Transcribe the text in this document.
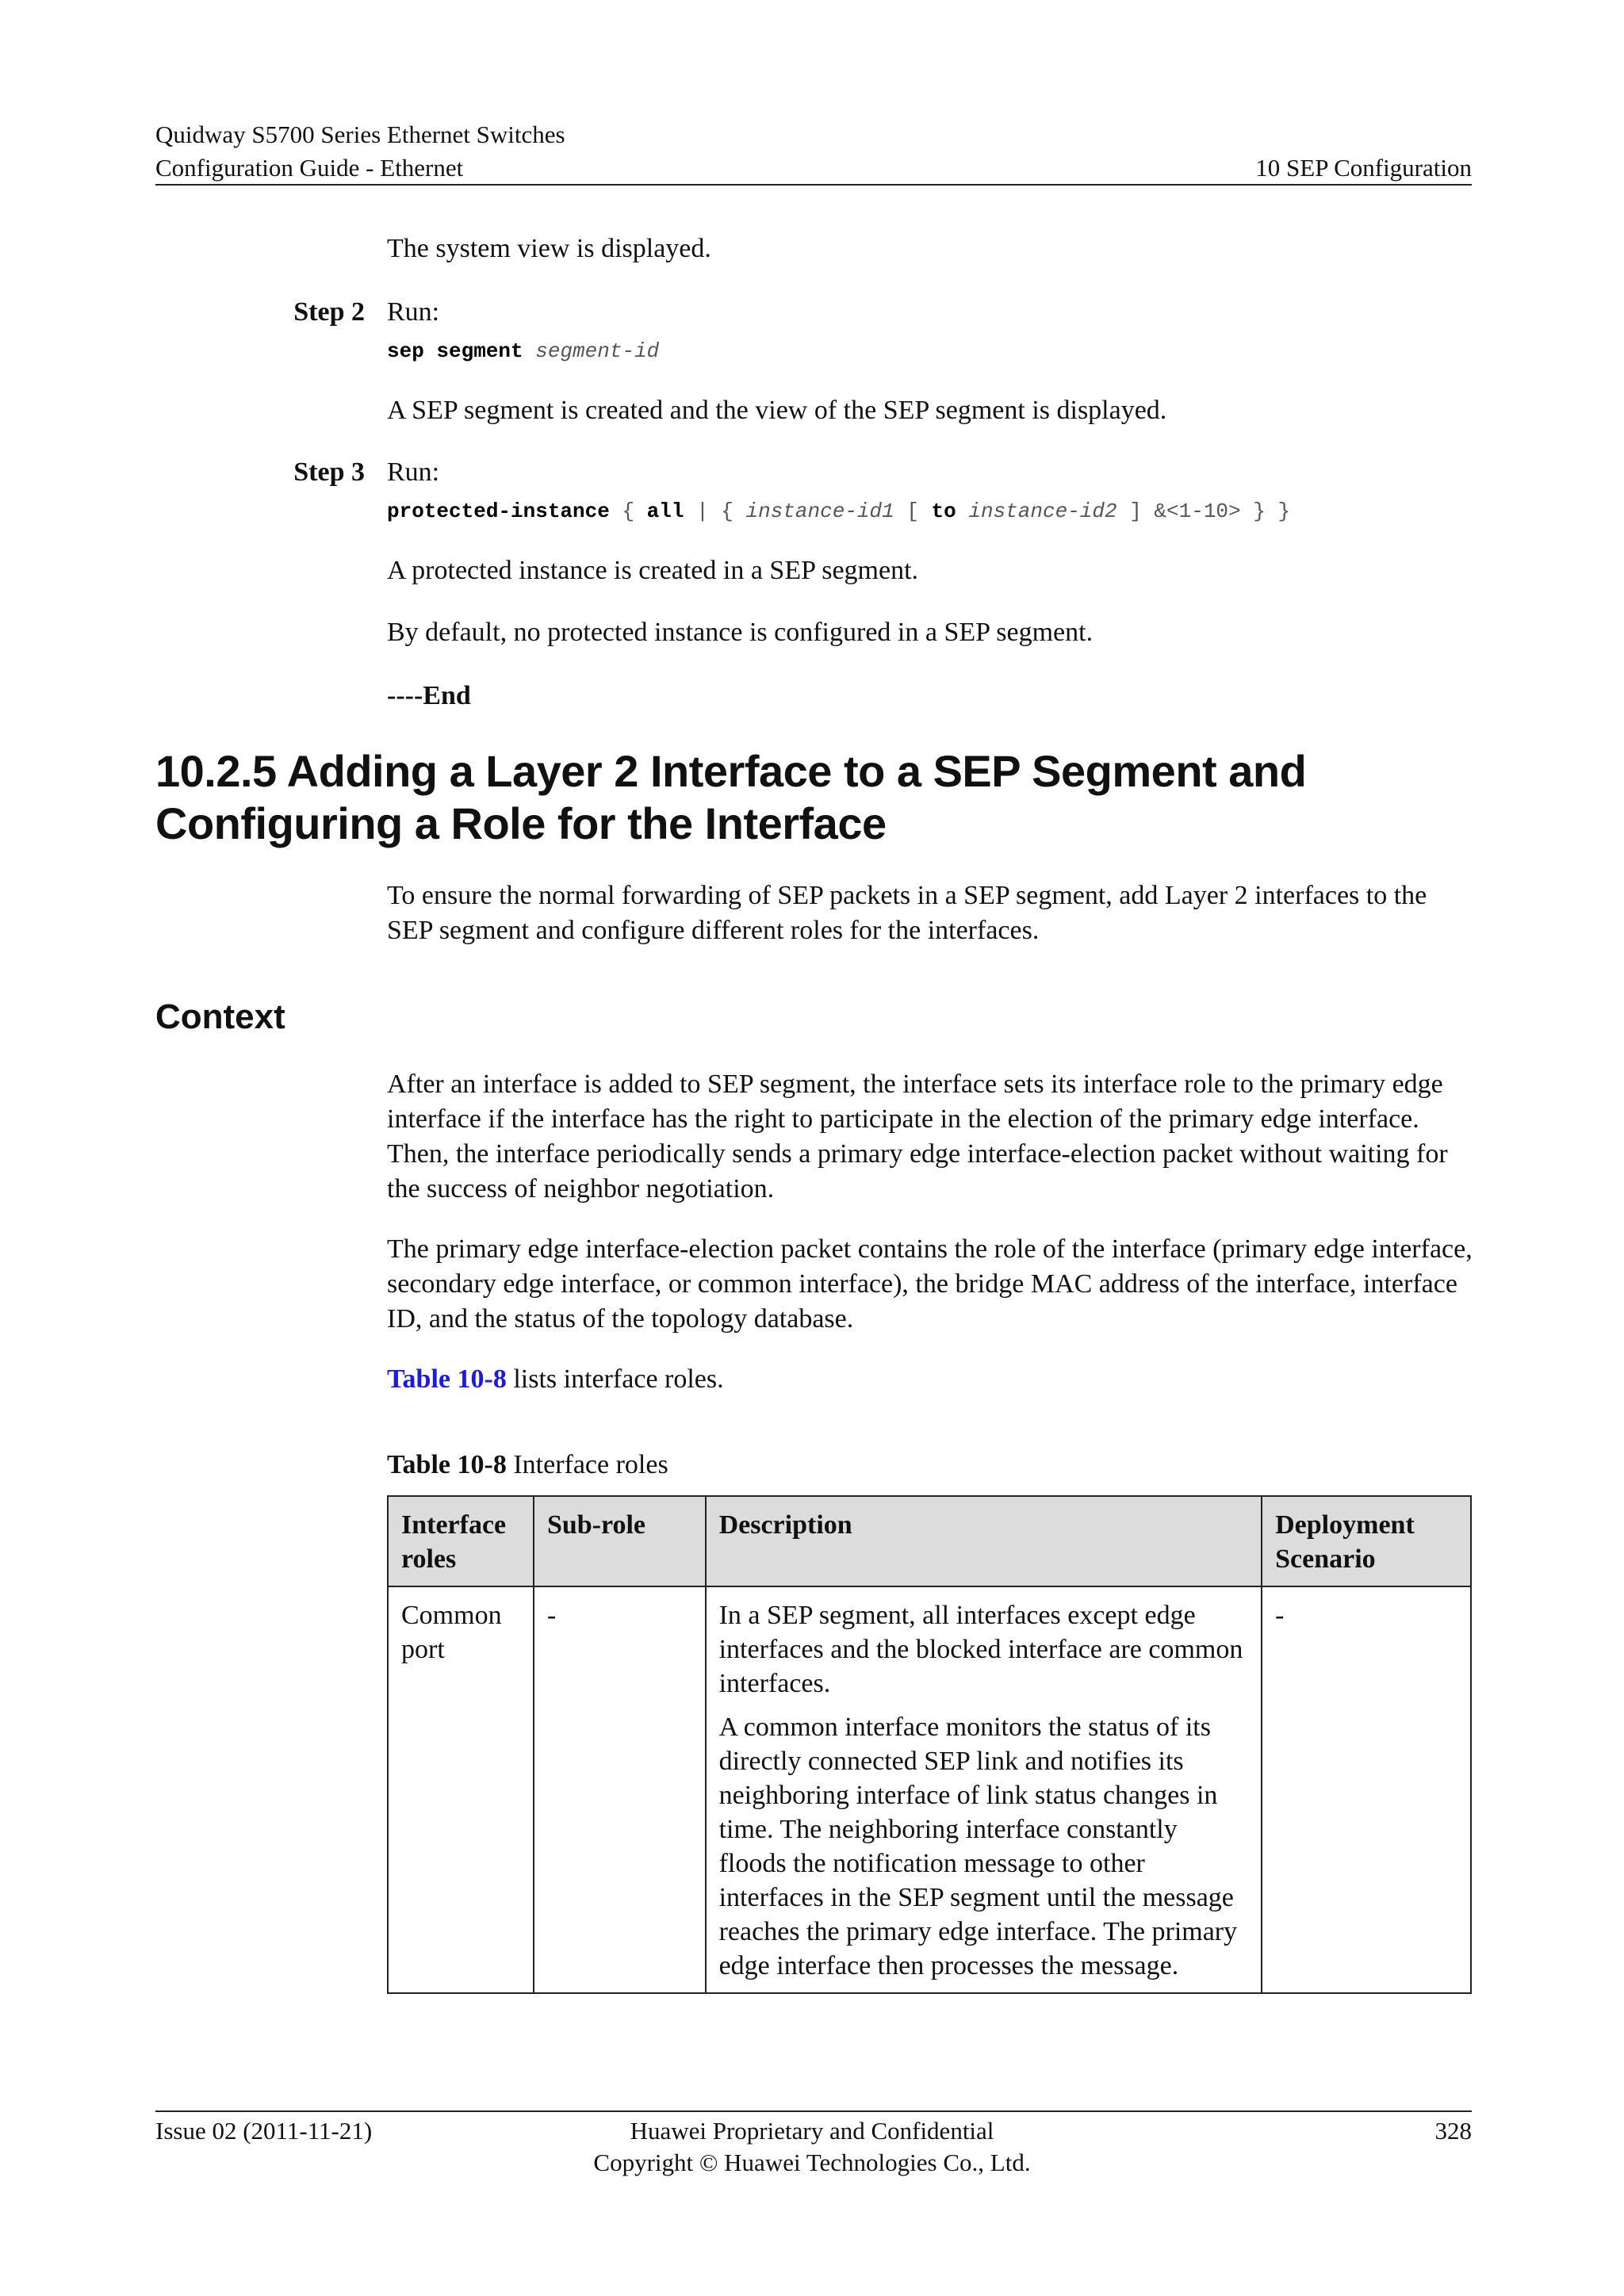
Quidway S5700 Series Ethernet Switches
Configuration Guide - Ethernet	10 SEP Configuration
The system view is displayed.
Step 2 Run:
sep segment segment-id
A SEP segment is created and the view of the SEP segment is displayed.
Step 3 Run:
protected-instance { all | { instance-id1 [ to instance-id2 ] &<1-10> } }
A protected instance is created in a SEP segment.
By default, no protected instance is configured in a SEP segment.
----End
10.2.5 Adding a Layer 2 Interface to a SEP Segment and Configuring a Role for the Interface
To ensure the normal forwarding of SEP packets in a SEP segment, add Layer 2 interfaces to the SEP segment and configure different roles for the interfaces.
Context
After an interface is added to SEP segment, the interface sets its interface role to the primary edge interface if the interface has the right to participate in the election of the primary edge interface. Then, the interface periodically sends a primary edge interface-election packet without waiting for the success of neighbor negotiation.
The primary edge interface-election packet contains the role of the interface (primary edge interface, secondary edge interface, or common interface), the bridge MAC address of the interface, interface ID, and the status of the topology database.
Table 10-8 lists interface roles.
Table 10-8 Interface roles
Interface roles	Sub-role	Description	Deployment Scenario
Common port	-	In a SEP segment, all interfaces except edge interfaces and the blocked interface are common interfaces.

A common interface monitors the status of its directly connected SEP link and notifies its neighboring interface of link status changes in time. The neighboring interface constantly floods the notification message to other interfaces in the SEP segment until the message reaches the primary edge interface. The primary edge interface then processes the message.	-
Issue 02 (2011-11-21)	Huawei Proprietary and Confidential
Copyright © Huawei Technologies Co., Ltd.
328
